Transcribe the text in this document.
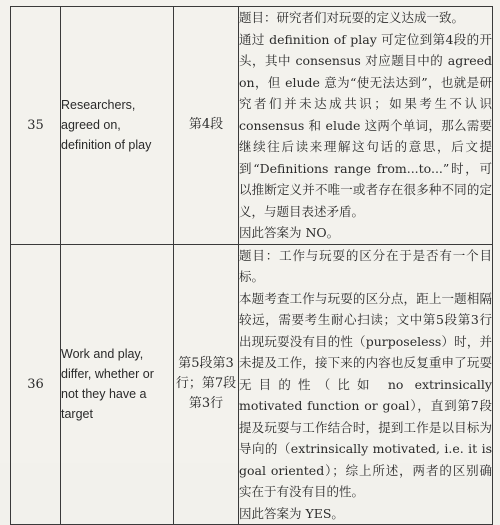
35	Researchers, agreed on, definition of play	第4段	题目：研究者们对玩耍的定义达成一致。

通过 definition of play 可定位到第4段的开头，其中 consensus 对应题目中的 agreed on，但 elude 意为“使无法达到”，也就是研究者们并未达成共识；如果考生不认识 consensus 和 elude 这两个单词，那么需要继续往后读来理解这句话的意思，后文提到“Definitions range from...to...”时，可以推断定义并不唯一或者存在很多种不同的定义，与题目表述矛盾。

因此答案为 NO。

36	Work and play, differ, whether or not they have a target	第5段第3行；第7段第3行	题目：工作与玩耍的区分在于是否有一个目标。

本题考查工作与玩耍的区分点，距上一题相隔较远，需要考生耐心扫读；文中第5段第3行出现玩耍没有目的性（purposeless）时，并未提及工作，接下来的内容也反复重申了玩耍无目的性（比如 no extrinsically motivated function or goal），直到第7段提及玩耍与工作结合时，提到工作是以目标为导向的（extrinsically motivated, i.e. it is goal oriented）；综上所述，两者的区别确实在于有没有目的性。

因此答案为 YES。
